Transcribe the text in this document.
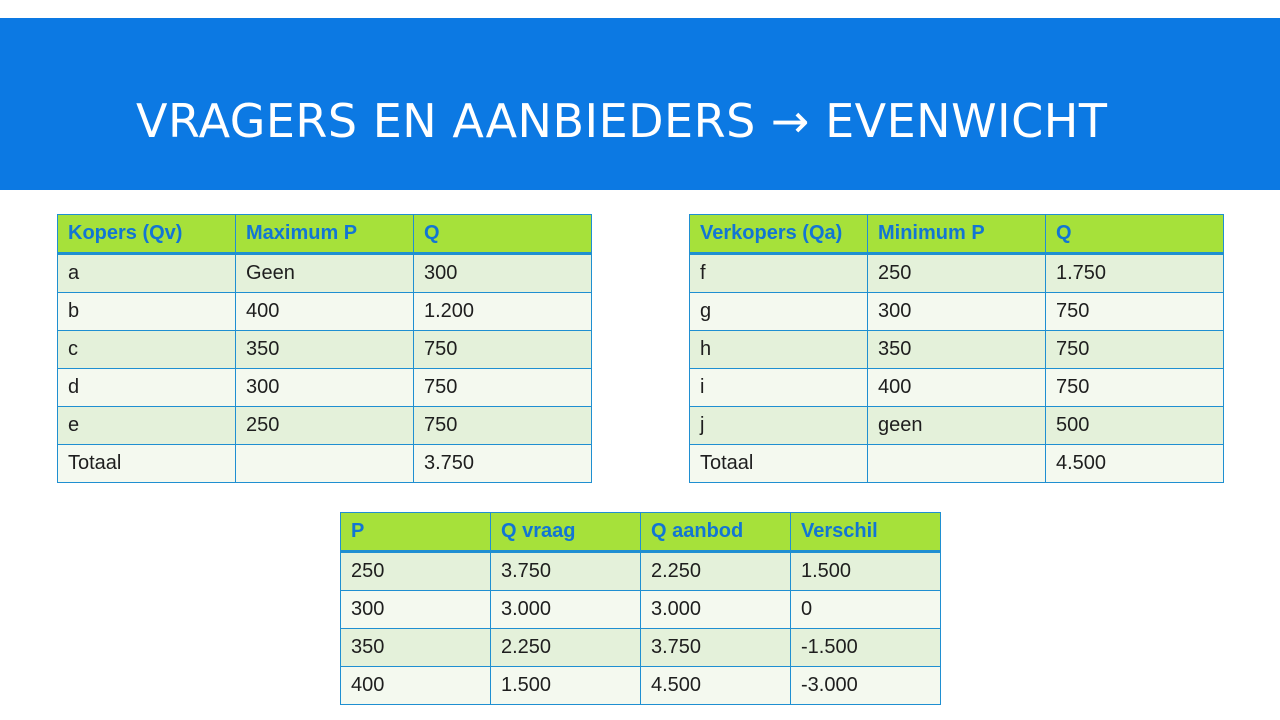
VRAGERS EN AANBIEDERS → EVENWICHT
Kopers (Qv)	Maximum P	Q
a	Geen	300
b	400	1.200
c	350	750
d	300	750
e	250	750
Totaal		3.750
Verkopers (Qa)	Minimum P	Q
f	250	1.750
g	300	750
h	350	750
i	400	750
j	geen	500
Totaal		4.500
P	Q vraag	Q aanbod	Verschil
250	3.750	2.250	1.500
300	3.000	3.000	0
350	2.250	3.750	-1.500
400	1.500	4.500	-3.000
